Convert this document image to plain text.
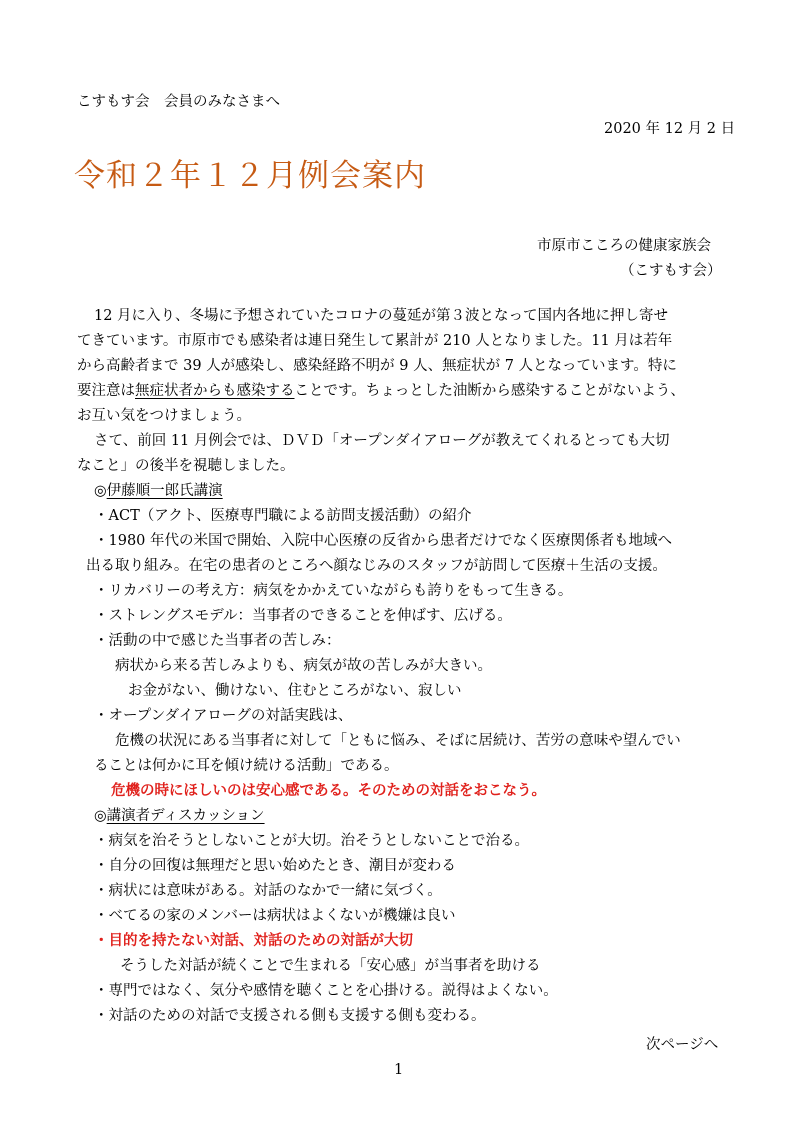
こすもす会　会員のみなさまへ
2020 年 12 月 2 日
令和２年１２月例会案内
市原市こころの健康家族会
（こすもす会）
12 月に入り、冬場に予想されていたコロナの蔓延が第３波となって国内各地に押し寄せ
てきています。市原市でも感染者は連日発生して累計が 210 人となりました。11 月は若年
から高齢者まで 39 人が感染し、感染経路不明が 9 人、無症状が 7 人となっています。特に
要注意は無症状者からも感染することです。ちょっとした油断から感染することがないよう、
お互い気をつけましょう。
さて、前回 11 月例会では、ＤＶＤ「オープンダイアローグが教えてくれるとっても大切
なこと」の後半を視聴しました。
◎伊藤順一郎氏講演
・ACT（アクト、医療専門職による訪問支援活動）の紹介
・1980 年代の米国で開始、入院中心医療の反省から患者だけでなく医療関係者も地域へ
出る取り組み。在宅の患者のところへ顔なじみのスタッフが訪問して医療＋生活の支援。
・リカバリーの考え方：病気をかかえていながらも誇りをもって生きる。
・ストレングスモデル：当事者のできることを伸ばす、広げる。
・活動の中で感じた当事者の苦しみ：
病状から来る苦しみよりも、病気が故の苦しみが大きい。
お金がない、働けない、住むところがない、寂しい
・オープンダイアローグの対話実践は、
危機の状況にある当事者に対して「ともに悩み、そばに居続け、苦労の意味や望んでい
ることは何かに耳を傾け続ける活動」である。
危機の時にほしいのは安心感である。そのための対話をおこなう。
◎講演者ディスカッション
・病気を治そうとしないことが大切。治そうとしないことで治る。
・自分の回復は無理だと思い始めたとき、潮目が変わる
・病状には意味がある。対話のなかで一緒に気づく。
・べてるの家のメンバーは病状はよくないが機嫌は良い
・目的を持たない対話、対話のための対話が大切
そうした対話が続くことで生まれる「安心感」が当事者を助ける
・専門ではなく、気分や感情を聴くことを心掛ける。説得はよくない。
・対話のための対話で支援される側も支援する側も変わる。
次ページへ
1
